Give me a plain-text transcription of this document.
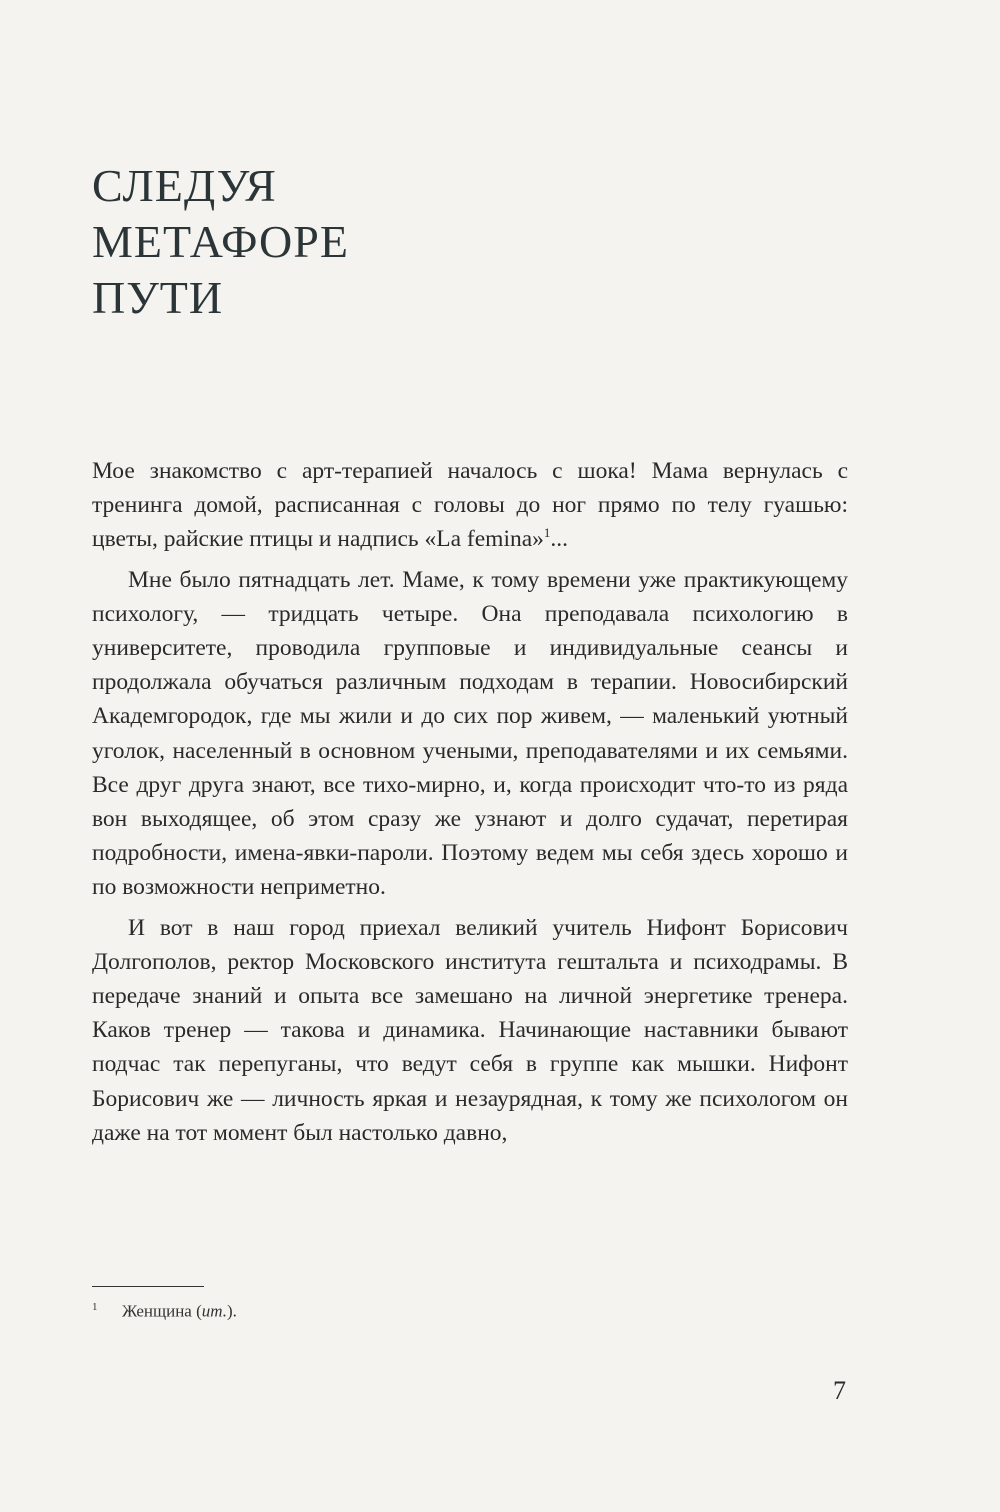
СЛЕДУЯ
МЕТАФОРЕ
ПУТИ

Мое знакомство с арт-терапией началось с шока! Мама вернулась с тренинга домой, расписанная с головы до ног прямо по телу гуашью: цветы, райские птицы и надпись «La femina»$^1$...

Мне было пятнадцать лет. Маме, к тому времени уже практикующему психологу, — тридцать четыре. Она преподавала психологию в университете, проводила групповые и индивидуальные сеансы и продолжала обучаться различным подходам в терапии. Новосибирский Академгородок, где мы жили и до сих пор живем, — маленький уютный уголок, населенный в основном учеными, преподавателями и их семьями. Все друг друга знают, все тихо-мирно, и, когда происходит что-то из ряда вон выходящее, об этом сразу же узнают и долго судачат, перетирая подробности, имена-явки-пароли. Поэтому ведем мы себя здесь хорошо и по возможности неприметно.

И вот в наш город приехал великий учитель Нифонт Борисович Долгополов, ректор Московского института гештальта и психодрамы. В передаче знаний и опыта все замешано на личной энергетике тренера. Каков тренер — такова и динамика. Начинающие наставники бывают подчас так перепуганы, что ведут себя в группе как мышки. Нифонт Борисович же — личность яркая и незаурядная, к тому же психологом он даже на тот момент был настолько давно,

1 Женщина (ит.).
7
